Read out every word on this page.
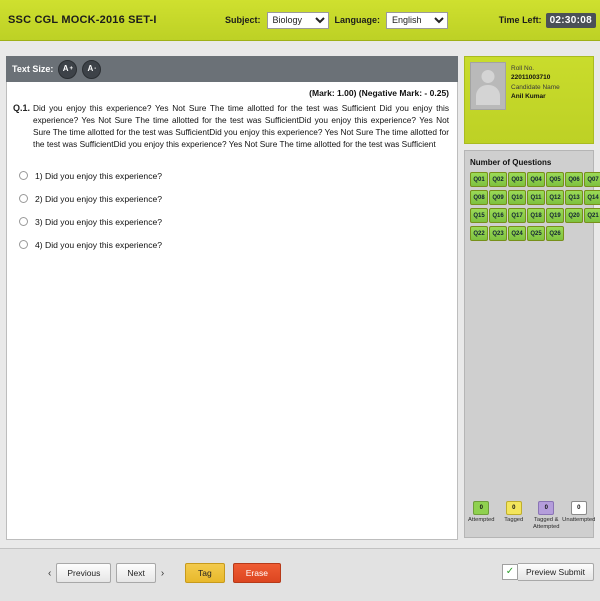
SSC CGL MOCK-2016 SET-I	Subject:
Biology	Language:
English	Time Left: 02:30:08
Text Size: A + A -
(Mark: 1.00) (Negative Mark: - 0.25)
Q.1. Did you enjoy this experience? Yes Not Sure The time allotted for the test was Sufficient Did you enjoy this experience? Yes Not Sure The time allotted for the test was SufficientDid you enjoy this experience? Yes Not Sure The time allotted for the test was SufficientDid you enjoy this experience? Yes Not Sure The time allotted for the test was SufficientDid you enjoy this experience? Yes Not Sure The time allotted for the test was Sufficient
1) Did you enjoy this experience?
2) Did you enjoy this experience?
3) Did you enjoy this experience?
4) Did you enjoy this experience?
Roll No.
22011003710
Candidate Name
Anil Kumar
Number of Questions
Q01	Q02	Q03	Q04	Q05	Q06	Q07
Q08	Q09	Q10	Q11	Q12	Q13	Q14
Q15	Q16	Q17	Q18	Q19	Q20	Q21
Q22	Q23	Q24	Q25	Q26
0
Attempted
0
Tagged
0
Tagged & Attempted
0
Unattempted
‹	Previous	Next	›	Tag	Erase	✓	Preview Submit
